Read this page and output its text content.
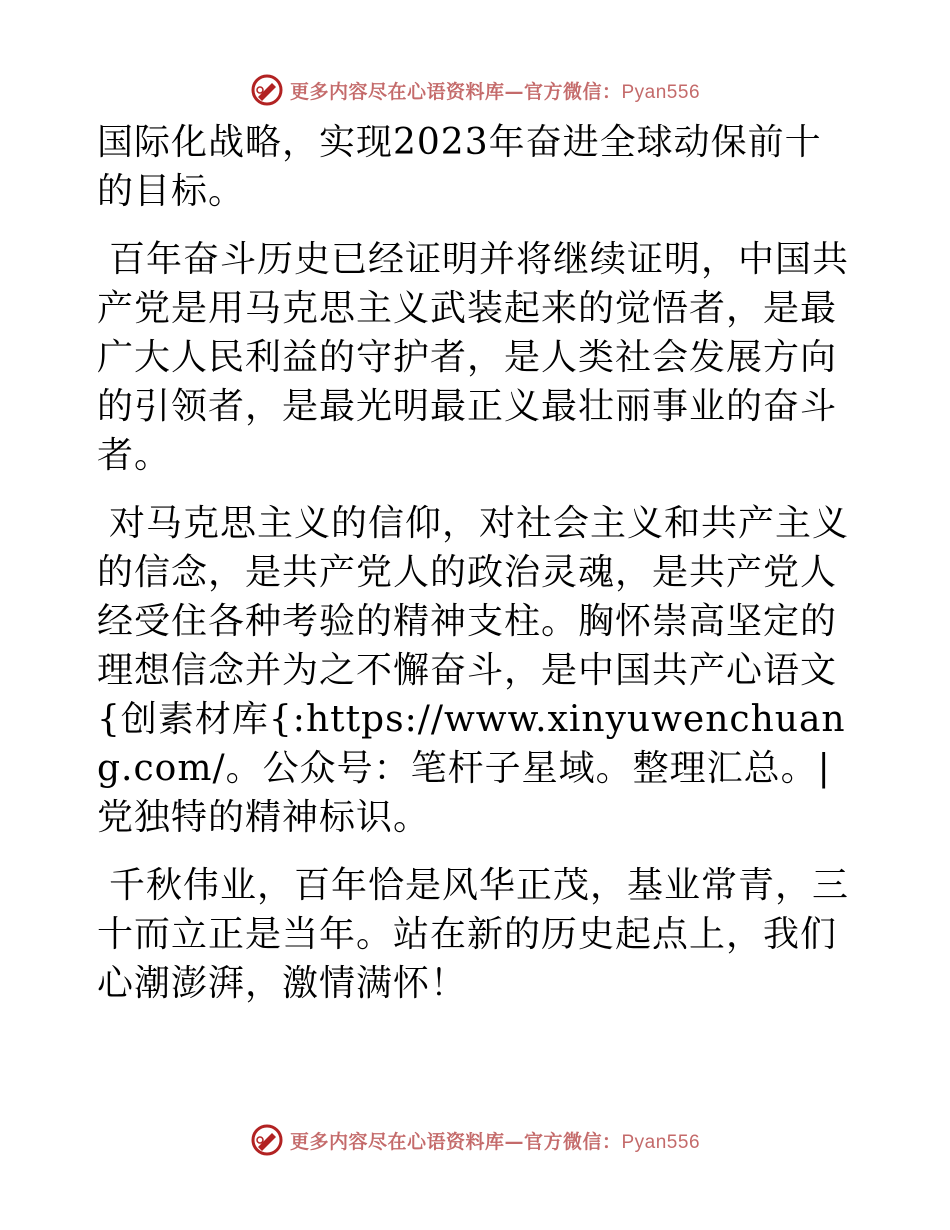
更多内容尽在心语资料库—官方微信：Pyan556

国际化战略，实现2023年奋进全球动保前十的目标。

百年奋斗历史已经证明并将继续证明，中国共产党是用马克思主义武装起来的觉悟者，是最广大人民利益的守护者，是人类社会发展方向的引领者，是最光明最正义最壮丽事业的奋斗者。

对马克思主义的信仰，对社会主义和共产主义的信念，是共产党人的政治灵魂，是共产党人经受住各种考验的精神支柱。胸怀崇高坚定的理想信念并为之不懈奋斗，是中国共产心语文{创素材库{:https://www.xinyuwenchuang.com/。公众号：笔杆子星域。整理汇总。|党独特的精神标识。

千秋伟业，百年恰是风华正茂，基业常青，三十而立正是当年。站在新的历史起点上，我们心潮澎湃，激情满怀！

更多内容尽在心语资料库—官方微信：Pyan556
